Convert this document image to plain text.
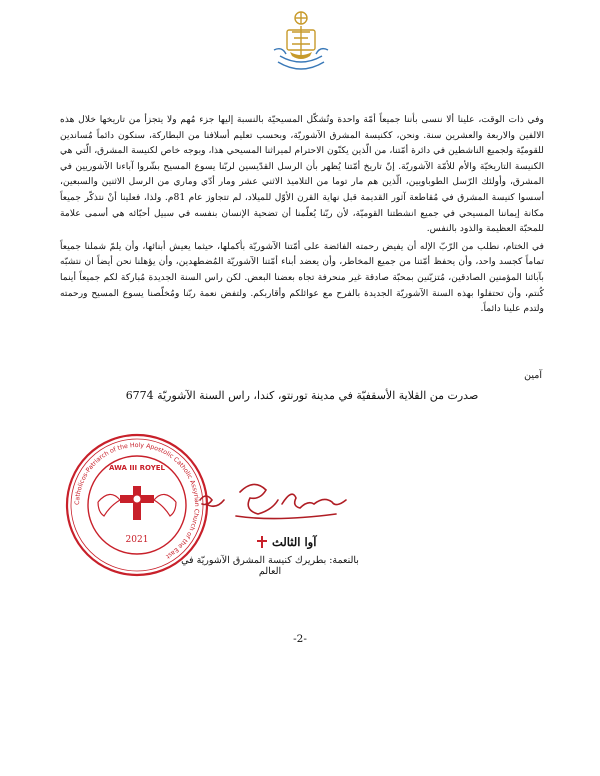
وفي ذات الوقت، علينا ألا ننسى بأننا جميعاً أمّة واحدة وتُشكّل المسيحيّة بالنسبة إليها جزء مُهم ولا يتجزأ من تاريخها خلال هذه الالفين والاربعة والعشرين سنة. ونحن، ككنيسة المشرق الآشوريّة، وبحسب تعليم أسلافنا من البطاركة، سنكون دائماً مُساندين للقوميّة ولجميع الناشطين في دائرة أمّتنا، من الّذين يكنّون الاحترام لميراثنا المسيحي هذا، وبوجه خاص لكنيسة المشرق، الّتي هي الكنيسة التاريخيّة والأم للأمّة الآشوريّة. إنّ تاريخ أمّتنا يُظهر بأن الرسل القدّيسين لربّنا يسوع المسيح بشّروا آباءنا الآشوريين في المشرق، وأولئك الرّسل الطوباويين، الّذين هم مار توما من التلاميذ الاثني عشر ومار أدّي وماري من الرسل الاثنين والسبعين، أسسوا كنيسة المشرق في مُقاطعة آثور القديمة قبل نهاية القرن الأوّل للميلاد، لم تتجاوز عام 81م. ولذا، فعلينا أنْ نتذكّر جميعاً مكانة إيماننا المسيحي في جميع انشطتنا القوميّة، لأن ربّنا يُعلّمنا أن تضحية الإنسان بنفسه في سبيل أحبّائه هي أسمى علامة للمحبّة العظيمة والذود بالنفس.

في الختام، نطلب من الرّبّ الإله أن يفيض رحمته الفائضة على أمّتنا الآشوريّة بأكملها، حيثما يعيش أبنائها، وأن يلمّ شملنا جميعاً تماماً كجسد واحد، وأن يحفظ أمّتنا من جميع المخاطر، وأن يعضد أبناء أمّتنا الآشوريّة المُضطهدين، وأن يؤهلنا نحن أيضاً ان نتشبّه بآبائنا المؤمنين الصادقين، مُتزيّنين بمحبّة صادقة غير منحرفة تجاه بعضنا البعض. لكن راس السنة الجديدة مُباركة لكم جميعاً أينما كُنتم، وأن تحتفلوا بهذه السنة الآشوريّة الجديدة بالفرح مع عوائلكم وأقاربكم. ولتفض نعمة ربّنا ومُخلّصنا يسوع المسيح ورحمته ولتدم علينا دائماً.

آمين
صدرت من القلاية الأسقفيّة في مدينة تورنتو، كندا، راس السنة الآشوريّة 6774
Catholicos-Patriarch of the Holy Apostolic Catholic Assyrian Church of the East
AWA III ROYEL
2021	آوا الثالث
بالنعمة: بطريرك كنيسة المشرق الآشوريّة في العالم
-2-
